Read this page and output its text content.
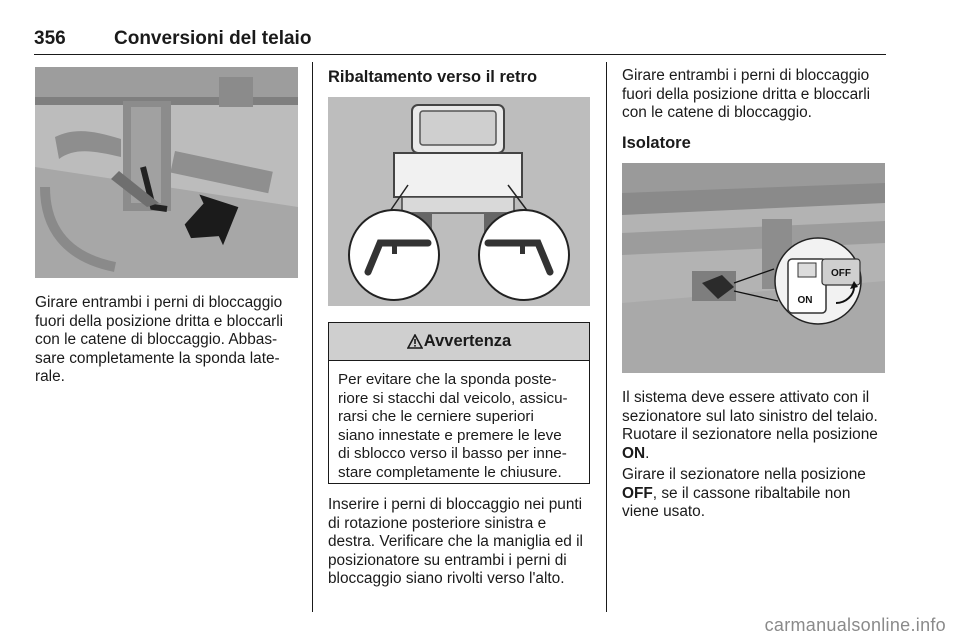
356	Conversioni del telaio
Girare entrambi i perni di bloccaggio
fuori della posizione dritta e bloccarli
con le catene di bloccaggio. Abbas-
sare completamente la sponda late-
rale.
Ribaltamento verso il retro
Avvertenza
Per evitare che la sponda poste-
riore si stacchi dal veicolo, assicu-
rarsi che le cerniere superiori
siano innestate e premere le leve
di sblocco verso il basso per inne-
stare completamente le chiusure.
Inserire i perni di bloccaggio nei punti
di rotazione posteriore sinistra e
destra. Verificare che la maniglia ed il
posizionatore su entrambi i perni di
bloccaggio siano rivolti verso l'alto.
Girare entrambi i perni di bloccaggio
fuori della posizione dritta e bloccarli
con le catene di bloccaggio.
Isolatore
OFF
ON
Il sistema deve essere attivato con il
sezionatore sul lato sinistro del telaio.
Ruotare il sezionatore nella posizione
ON.
Girare il sezionatore nella posizione
OFF, se il cassone ribaltabile non
viene usato.
carmanualsonline.info
